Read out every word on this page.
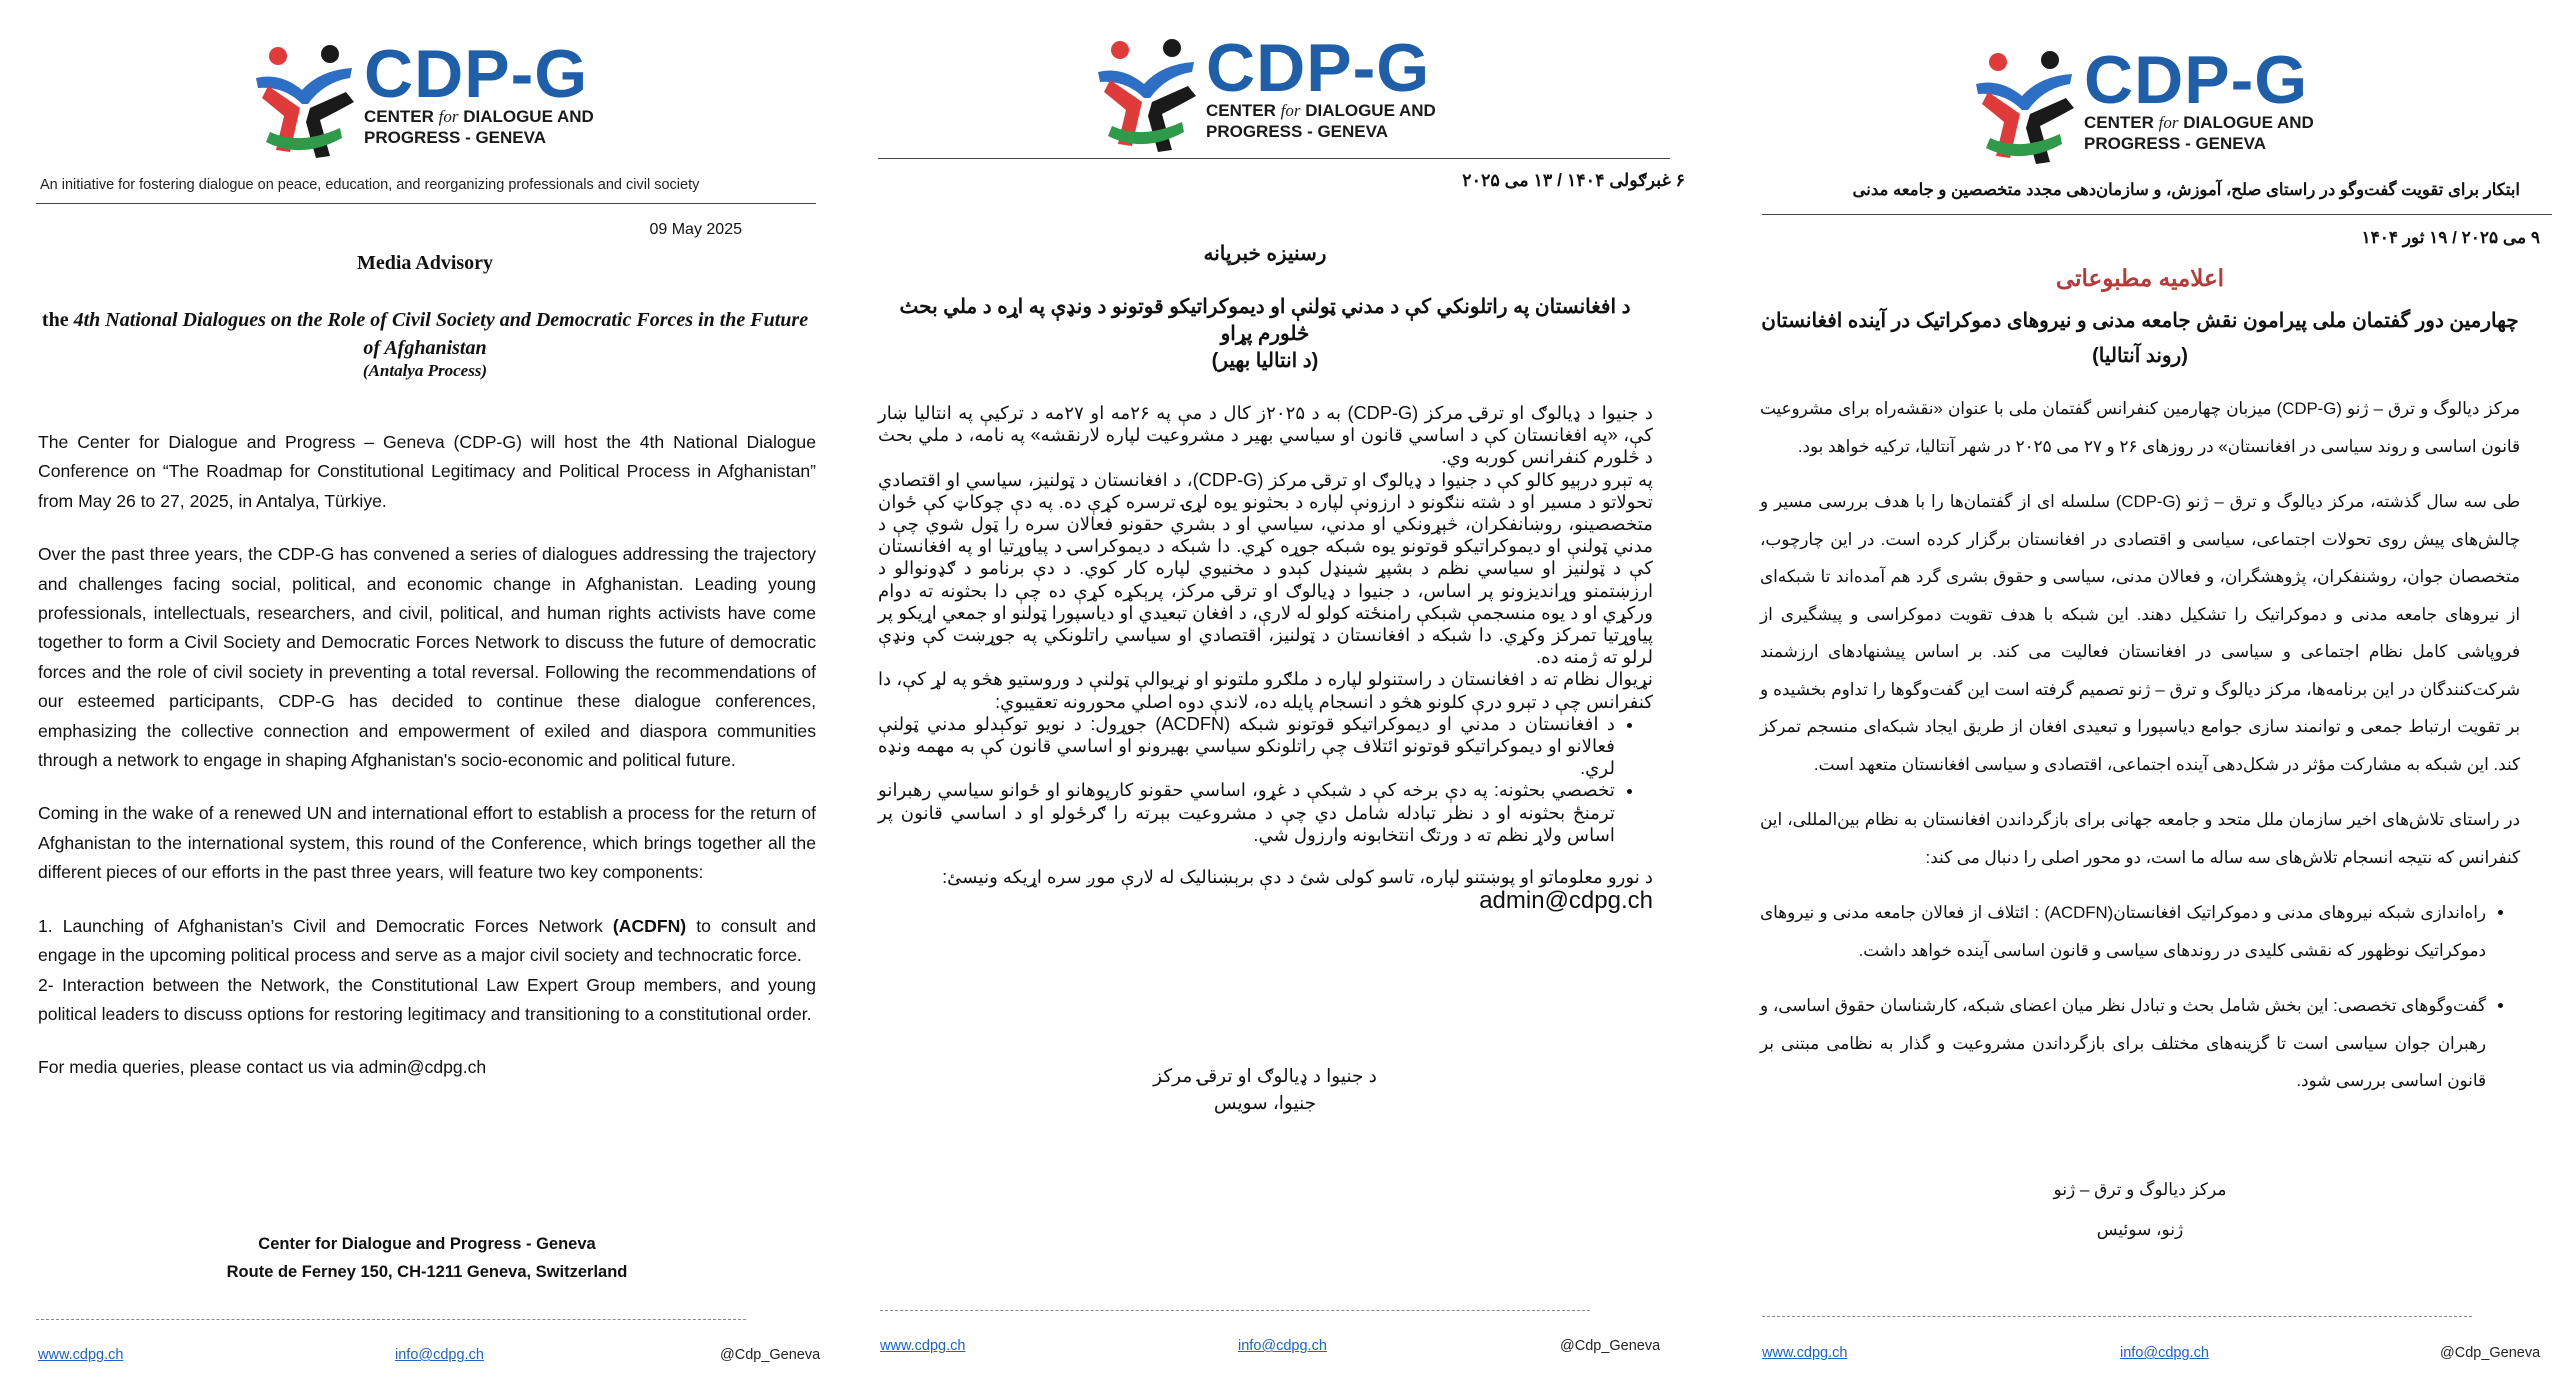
CDP-G
CENTER for DIALOGUE AND
PROGRESS - GENEVA
An initiative for fostering dialogue on peace, education, and reorganizing professionals and civil society
09 May 2025
Media Advisory
the 4th National Dialogues on the Role of Civil Society and Democratic Forces in the Future of Afghanistan
(Antalya Process)

The Center for Dialogue and Progress – Geneva (CDP-G) will host the 4th National Dialogue Conference on “The Roadmap for Constitutional Legitimacy and Political Process in Afghanistan” from May 26 to 27, 2025, in Antalya, Türkiye.

Over the past three years, the CDP-G has convened a series of dialogues addressing the trajectory and challenges facing social, political, and economic change in Afghanistan. Leading young professionals, intellectuals, researchers, and civil, political, and human rights activists have come together to form a Civil Society and Democratic Forces Network to discuss the future of democratic forces and the role of civil society in preventing a total reversal. Following the recommendations of our esteemed participants, CDP-G has decided to continue these dialogue conferences, emphasizing the collective connection and empowerment of exiled and diaspora communities through a network to engage in shaping Afghanistan's socio-economic and political future.

Coming in the wake of a renewed UN and international effort to establish a process for the return of Afghanistan to the international system, this round of the Conference, which brings together all the different pieces of our efforts in the past three years, will feature two key components:

1. Launching of Afghanistan’s Civil and Democratic Forces Network (ACDFN) to consult and engage in the upcoming political process and serve as a major civil society and technocratic force.

2- Interaction between the Network, the Constitutional Law Expert Group members, and young political leaders to discuss options for restoring legitimacy and transitioning to a constitutional order.

For media queries, please contact us via admin@cdpg.ch

Center for Dialogue and Progress - Geneva
Route de Ferney 150, CH-1211 Geneva, Switzerland
www.cdpg.ch	info@cdpg.ch	@Cdp_Geneva
CDP-G
CENTER for DIALOGUE AND
PROGRESS - GENEVA
۶ غبرګولی ۱۴۰۴ / ۱۳ می ۲۰۲۵
رسنيزه خبرپانه
د افغانستان په راتلونکي کې د مدني ټولنې او ديموکراتيکو قوتونو د ونډې په اړه د ملي بحث
څلورم پړاو
(د انتاليا بهير)

د جنيوا د ډيالوګ او ترقۍ مرکز (CDP-G) به د ۲۰۲۵ز کال د مې په ۲۶مه او ۲۷مه د ترکيې په انتاليا ښار کې، «په افغانستان کې د اساسي قانون او سياسي بهير د مشروعيت لپاره لارنقشه» په نامه، د ملي بحث د څلورم کنفرانس کوربه وي.

په تېرو درېيو کالو کې د جنيوا د ډيالوګ او ترقۍ مرکز (CDP-G)، د افغانستان د ټولنيز، سياسي او اقتصادي تحولاتو د مسير او د شته ننګونو د ارزونې لپاره د بحثونو يوه لړۍ ترسره کړې ده. په دې چوکاټ کې ځوان متخصصينو، روښانفکران، څېړونکي او مدني، سياسي او د بشري حقونو فعالان سره را ټول شوي چې د مدني ټولنې او ديموکراتيکو قوتونو يوه شبکه جوړه کړي. دا شبکه د ديموکراسۍ د پياوړتيا او په افغانستان کې د ټولنيز او سياسي نظم د بشپړ شينډل کېدو د مخنيوي لپاره کار کوي. د دې برنامو د ګډونوالو د ارزښتمنو وړانديزونو پر اساس، د جنيوا د ډيالوګ او ترقۍ مرکز، پرېکړه کړې ده چې دا بحثونه ته دوام ورکړي او د يوه منسجمې شبکې رامنځته کولو له لارې، د افغان تبعيدي او دياسپورا ټولنو او جمعي اړيکو پر پياوړتيا تمرکز وکړي. دا شبکه د افغانستان د ټولنيز، اقتصادي او سياسي راتلونکي په جوړښت کې ونډې لرلو ته ژمنه ده.

نړيوال نظام ته د افغانستان د راستنولو لپاره د ملګرو ملتونو او نړيوالې ټولنې د وروستيو هڅو په لړ کې، دا کنفرانس چې د تېرو درې کلونو هڅو د انسجام پايله ده، لاندې دوه اصلي محورونه تعقيبوي:

• د افغانستان د مدني او ديموکراتيکو قوتونو شبکه (ACDFN) جوړول: د نويو توکېدلو مدني ټولنې فعالانو او ديموکراتيکو قوتونو ائتلاف چې راتلونکو سياسي بهيرونو او اساسي قانون کې به مهمه ونډه لري.
• تخصصي بحثونه: په دې برخه کې د شبکې د غړو، اساسي حقونو کارپوهانو او ځوانو سياسي رهبرانو ترمنځ بحثونه او د نظر تبادله شامل دي چې د مشروعيت بېرته را ګرځولو او د اساسي قانون پر اساس ولاړ نظم ته د ورتګ انتخابونه وارزول شي.

د نورو معلوماتو او پوښتنو لپاره، تاسو کولی شئ د دې برېښناليک له لارې موږ سره اړيکه ونيسئ:

admin@cdpg.ch

د جنيوا د ډيالوګ او ترقۍ مرکز
جنيوا، سويس
www.cdpg.ch	info@cdpg.ch	@Cdp_Geneva
CDP-G
CENTER for DIALOGUE AND
PROGRESS - GENEVA
ابتکار برای تقویت گفت‌وگو در راستای صلح، آموزش، و سازمان‌دهی مجدد متخصصین و جامعه مدنی
۹ می ۲۰۲۵ / ۱۹ ثور ۱۴۰۴
اعلامیه مطبوعاتی
چهارمین دور گفتمان ملی پیرامون نقش جامعه مدنی و نیروهای دموکراتیک در آینده افغانستان
(روند آنتالیا)

مرکز دیالوگ و ترق – ژنو (CDP-G) میزبان چهارمین کنفرانس گفتمان ملی با عنوان «نقشه‌راه برای مشروعیت قانون اساسی و روند سیاسی در افغانستان» در روزهای ۲۶ و ۲۷ می ۲۰۲۵ در شهر آنتالیا، ترکیه خواهد بود.

طی سه سال گذشته، مرکز دیالوگ و ترق – ژنو (CDP-G) سلسله ای از گفتمان‌ها را با هدف بررسی مسیر و چالش‌های پیش روی تحولات اجتماعی، سیاسی و اقتصادی در افغانستان برگزار کرده است. در این چارچوب، متخصصان جوان، روشنفکران، پژوهشگران، و فعالان مدنی، سیاسی و حقوق بشری گرد هم آمده‌اند تا شبکه‌ای از نیروهای جامعه مدنی و دموکراتیک را تشکیل دهند. این شبکه با هدف تقویت دموکراسی و پیشگیری از فروپاشی کامل نظام اجتماعی و سیاسی در افغانستان فعالیت می کند. بر اساس پیشنهادهای ارزشمند شرکت‌کنندگان در این برنامه‌ها، مرکز دیالوگ و ترق – ژنو تصمیم گرفته است این گفت‌وگوها را تداوم بخشیده و بر تقویت ارتباط جمعی و توانمند سازی جوامع دیاسپورا و تبعیدی افغان از طریق ایجاد شبکه‌ای منسجم تمرکز کند. این شبکه به مشارکت مؤثر در شکل‌دهی آینده اجتماعی، اقتصادی و سیاسی افغانستان متعهد است.

در راستای تلاش‌های اخیر سازمان ملل متحد و جامعه جهانی برای بازگرداندن افغانستان به نظام بین‌المللی، این کنفرانس که نتیجه انسجام تلاش‌های سه ساله ما است، دو محور اصلی را دنبال می کند:

• راه‌اندازی شبکه نیروهای مدنی و دموکراتیک افغانستان(ACDFN) : ائتلاف از فعالان جامعه مدنی و نیروهای دموکراتیک نوظهور که نقشی کلیدی در روندهای سیاسی و قانون اساسی آینده خواهد داشت.
• گفت‌وگوهای تخصصی: این بخش شامل بحث و تبادل نظر میان اعضای شبکه، کارشناسان حقوق اساسی، و رهبران جوان سیاسی است تا گزینه‌های مختلف برای بازگرداندن مشروعیت و گذار به نظامی مبتنی بر قانون اساسی بررسی شود.
مرکز دیالوگ و ترق – ژنو
ژنو، سوئیس
www.cdpg.ch	info@cdpg.ch	@Cdp_Geneva
